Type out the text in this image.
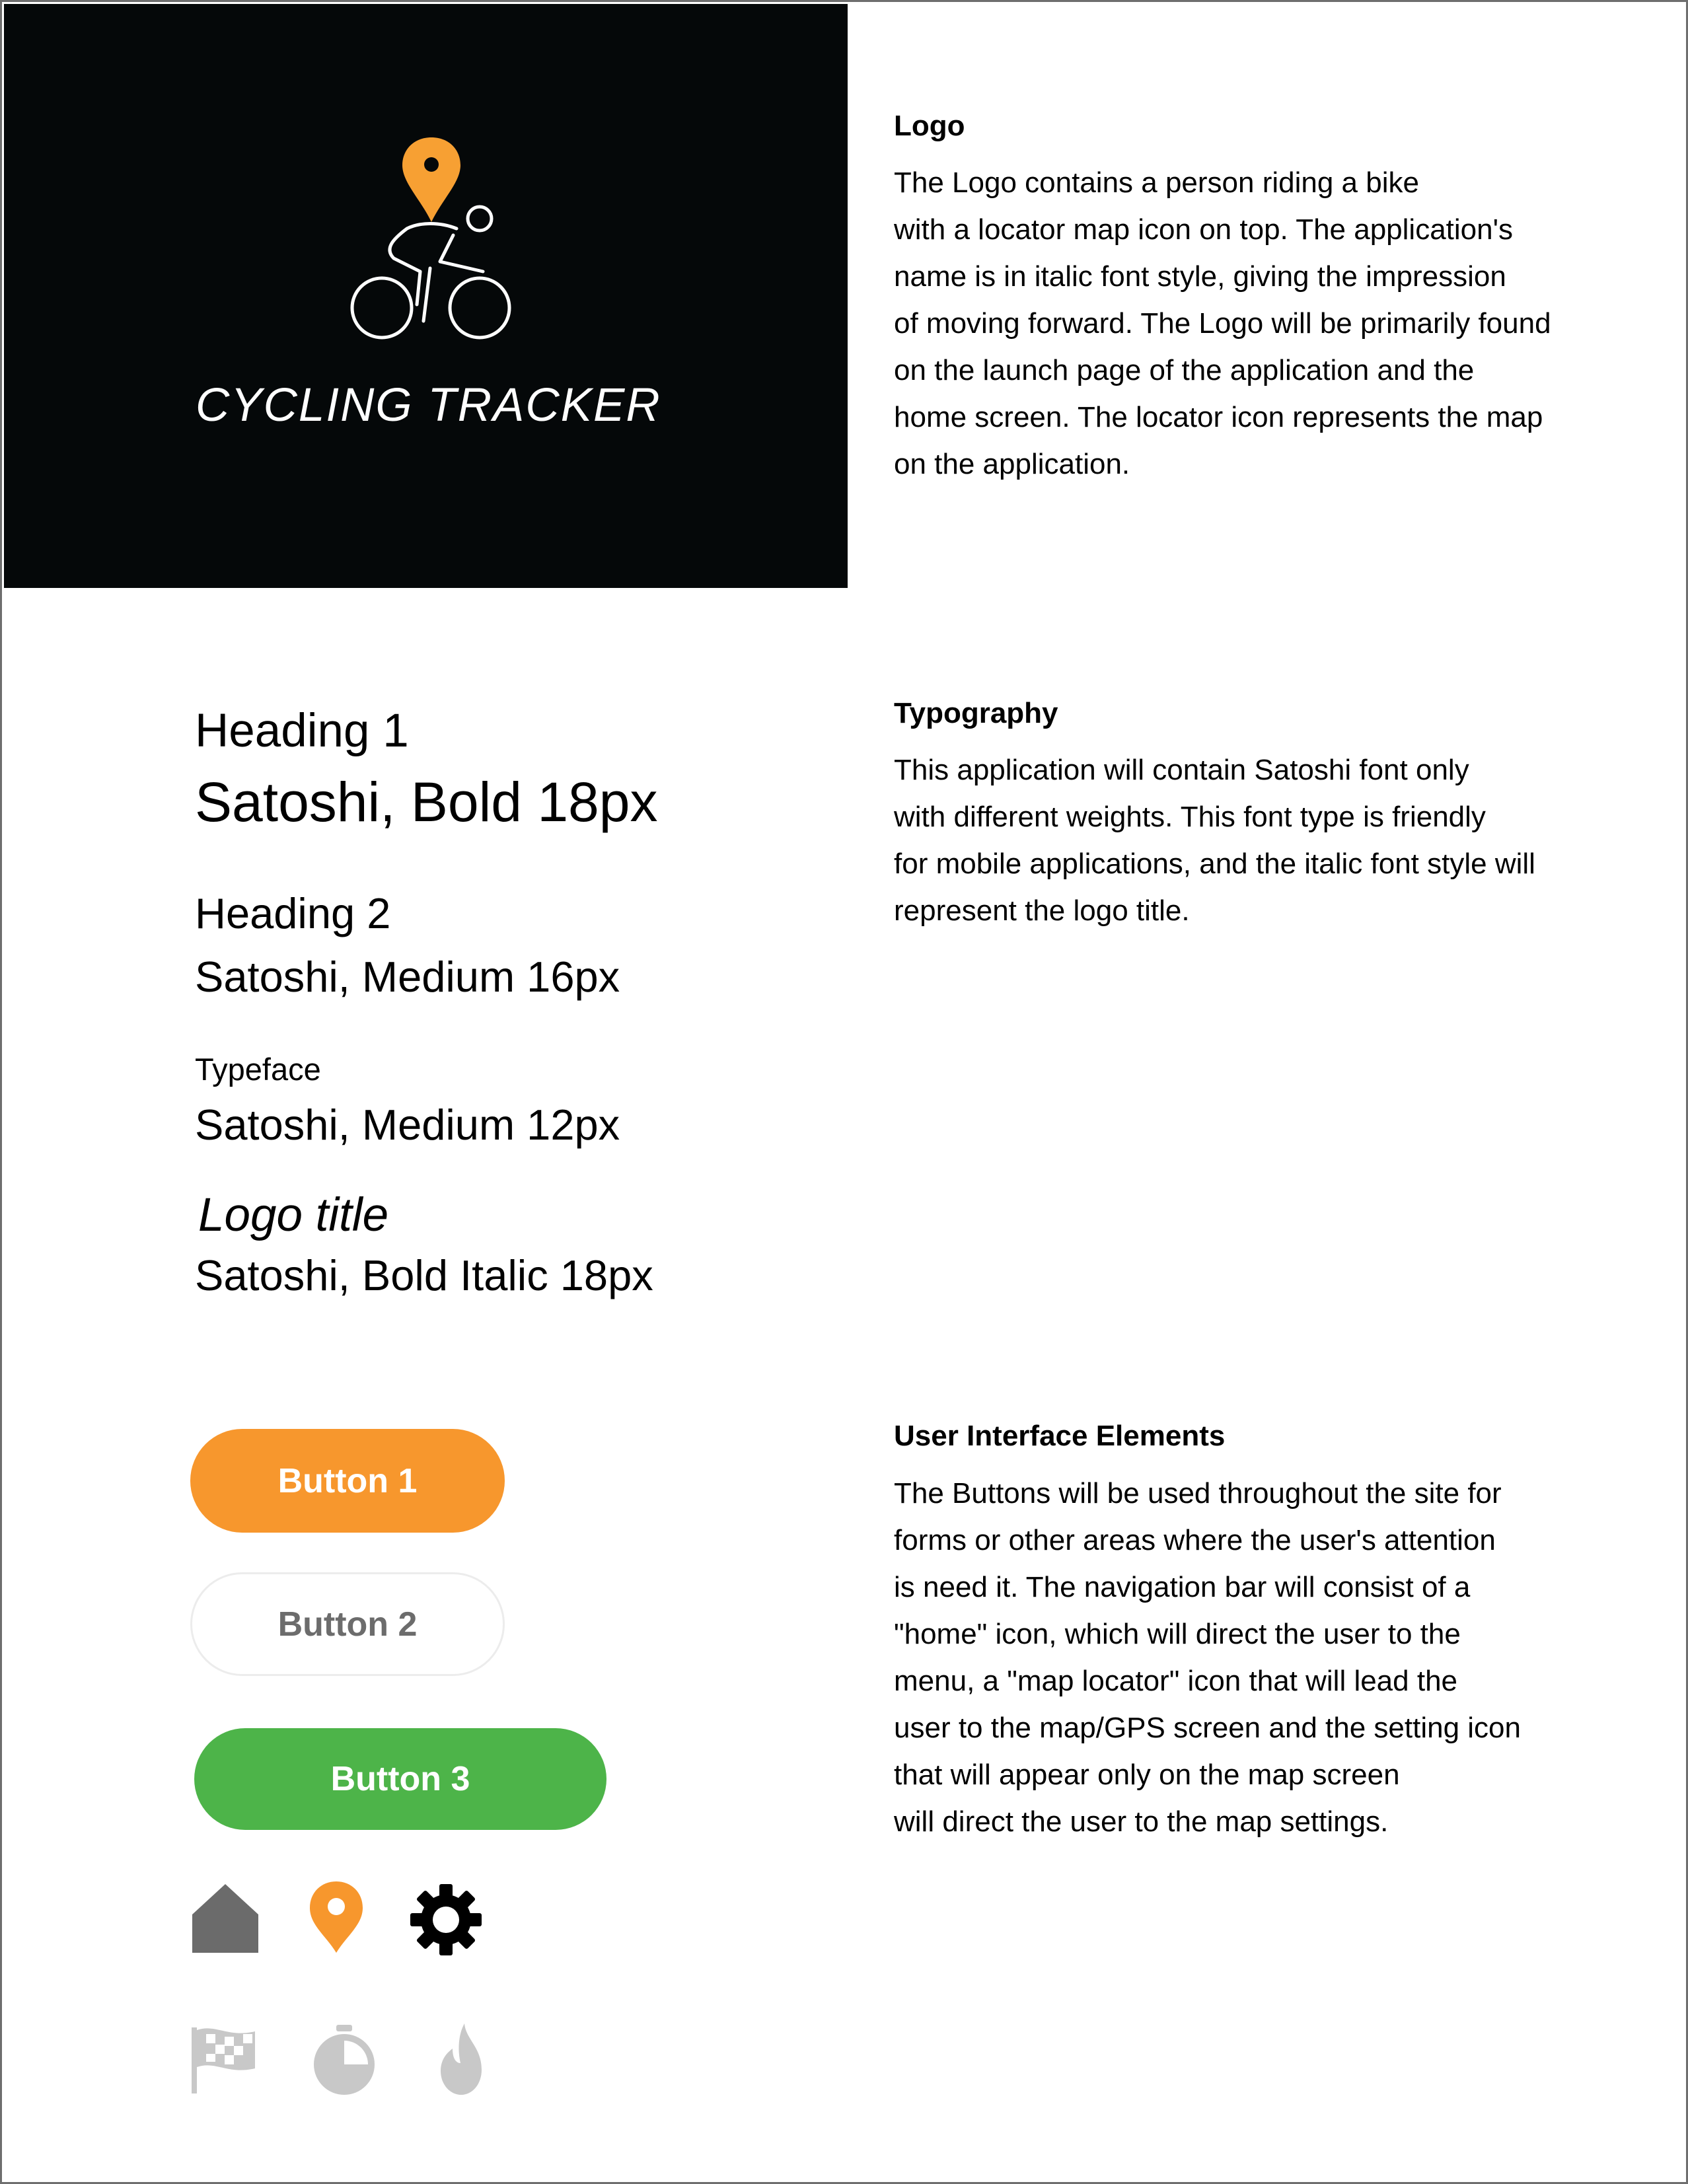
CYCLING TRACKER
Logo
The Logo contains a person riding a bike
with a locator map icon on top. The application's
name is in italic font style, giving the impression
of moving forward. The Logo will be primarily found
on the launch page of the application and the
home screen. The locator icon represents the map
on the application.
Typography
This application will contain Satoshi font only
with different weights. This font type is friendly
for mobile applications, and the italic font style will
represent the logo title.
User Interface Elements
The Buttons will be used throughout the site for
forms or other areas where the user's attention
is need it. The navigation bar will consist of a
"home" icon, which will direct the user to the
menu, a "map locator" icon that will lead the
user to the map/GPS screen and the setting icon
that will appear only on the map screen
will direct the user to the map settings.
Heading 1
Satoshi, Bold 18px
Heading 2
Satoshi, Medium 16px
Typeface
Satoshi, Medium 12px
Logo title
Satoshi, Bold Italic 18px
Button 1
Button 2
Button 3
